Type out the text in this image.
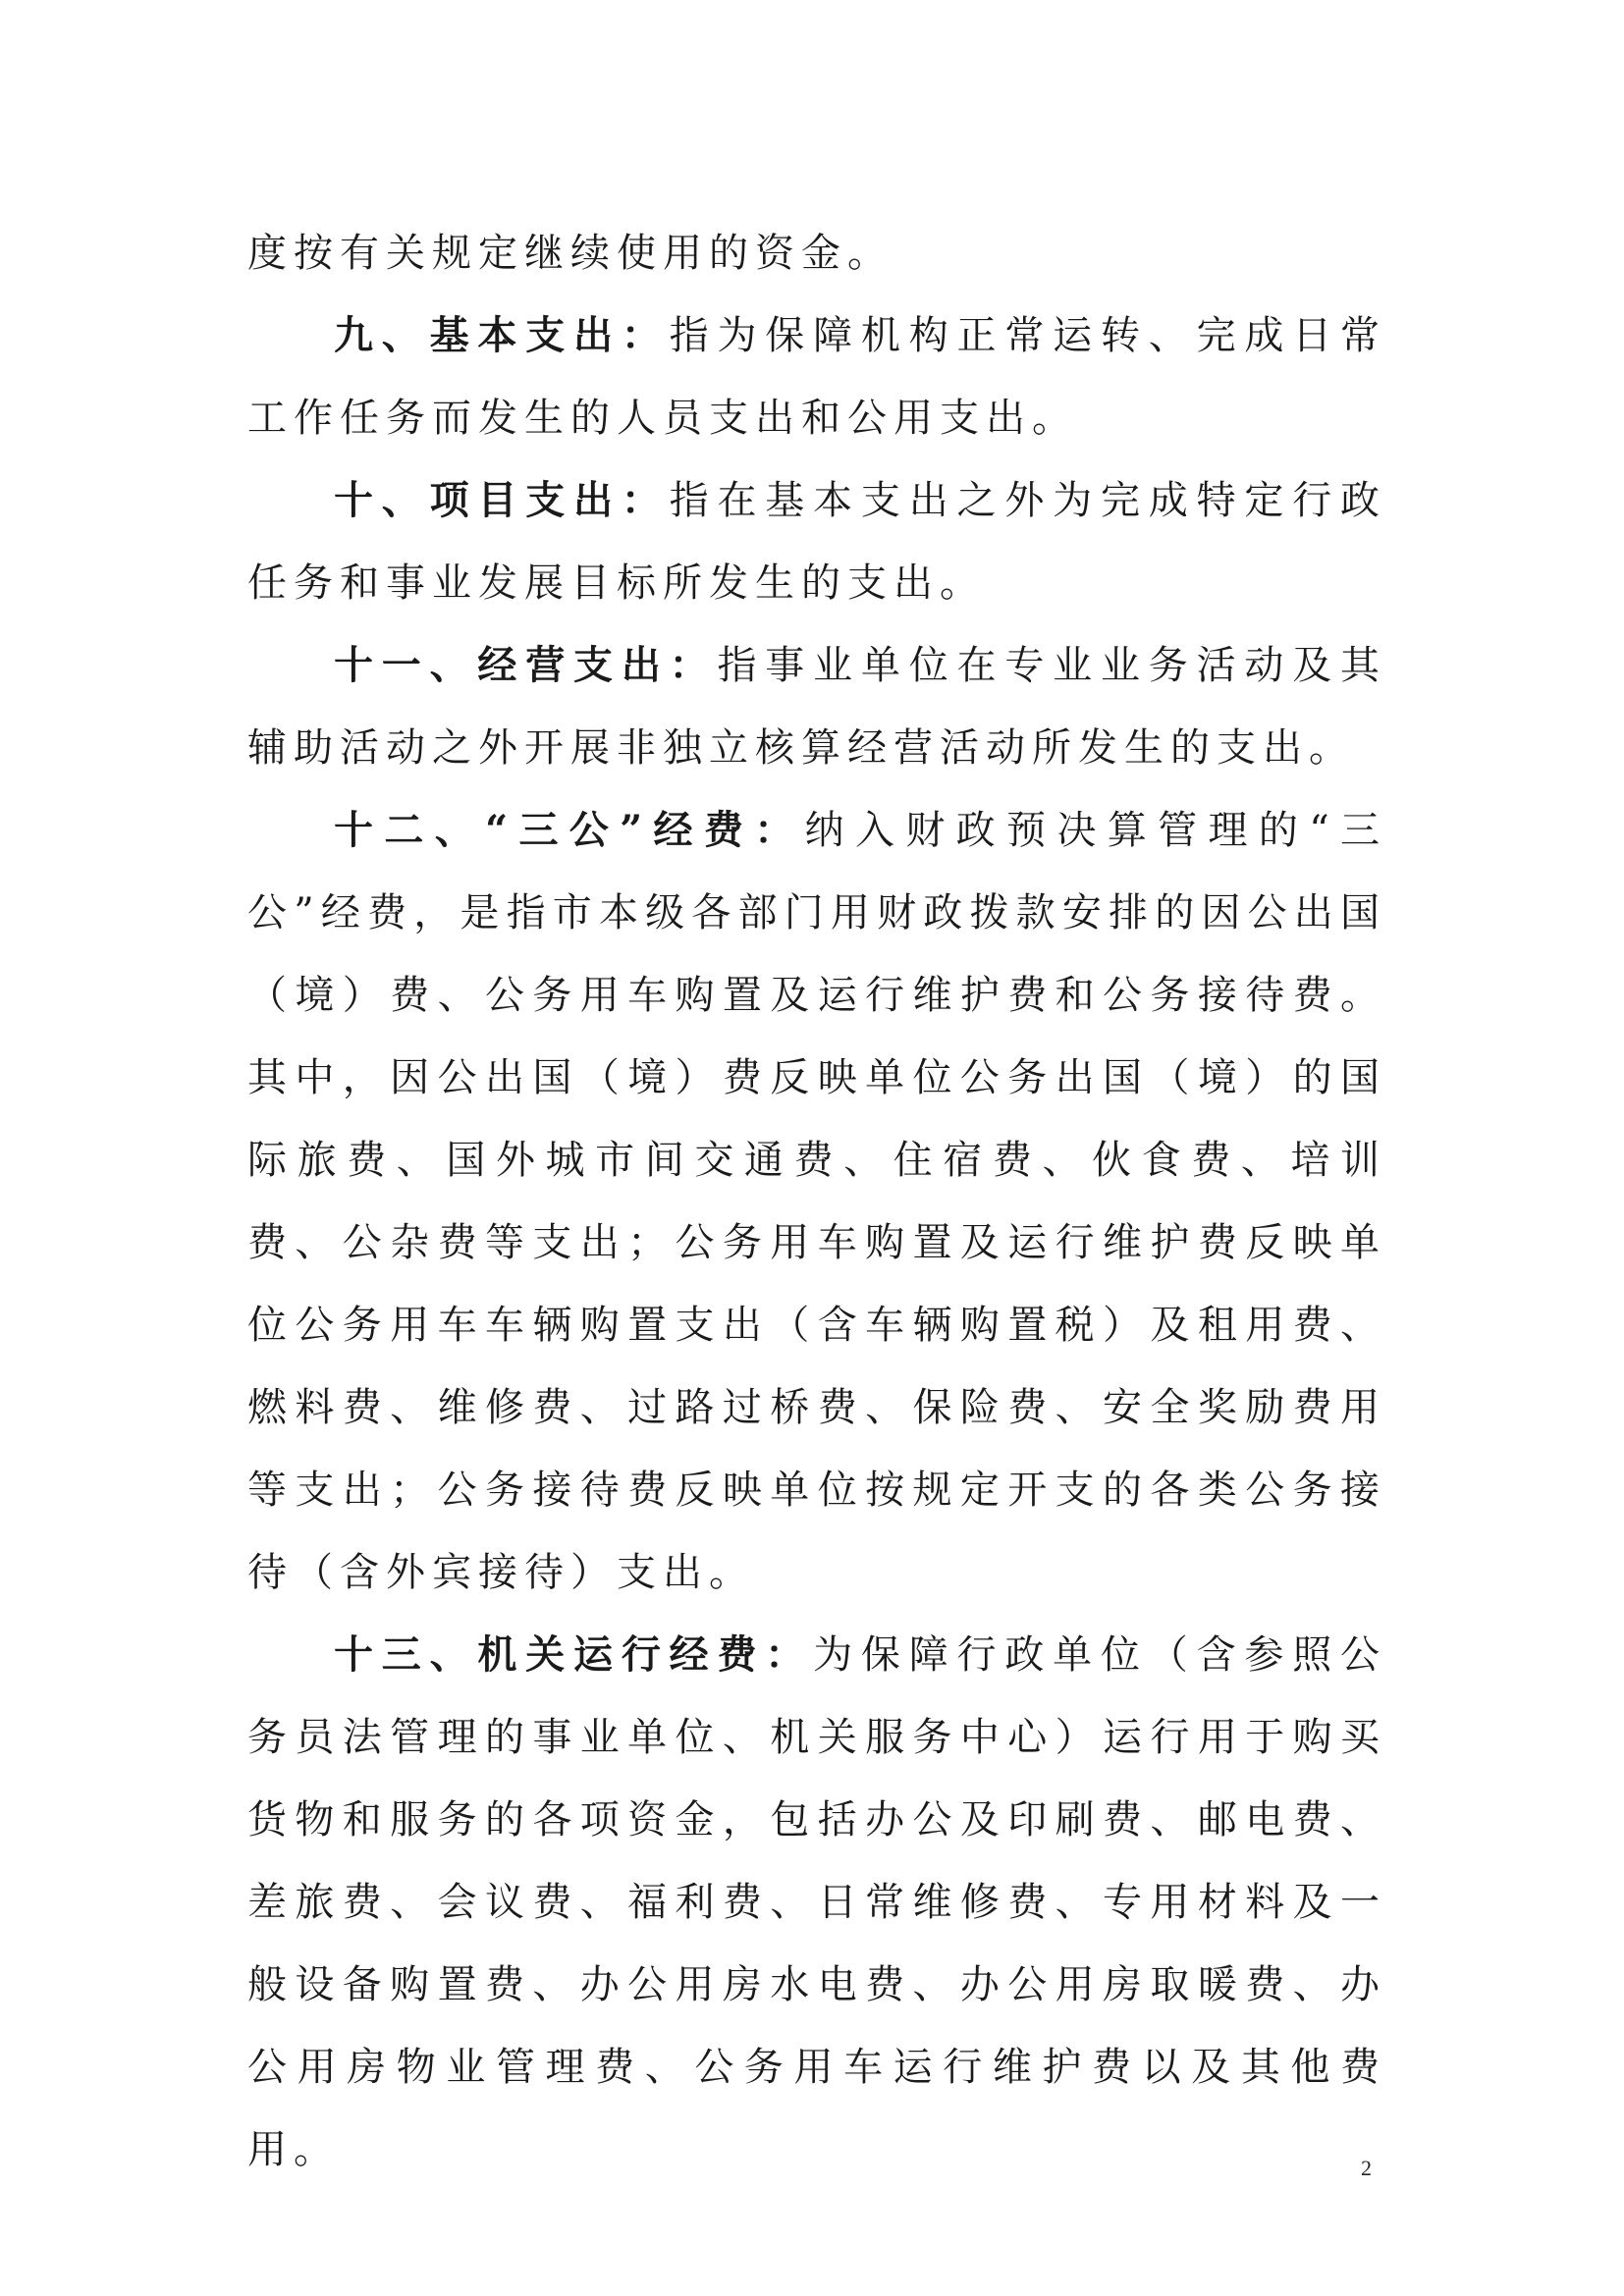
度按有关规定继续使用的资金。

九、基本支出：指为保障机构正常运转、完成日常工作任务而发生的人员支出和公用支出。

十、项目支出：指在基本支出之外为完成特定行政任务和事业发展目标所发生的支出。

十一、经营支出：指事业单位在专业业务活动及其辅助活动之外开展非独立核算经营活动所发生的支出。

十二、“三公”经费：纳入财政预决算管理的“三公”经费，是指市本级各部门用财政拨款安排的因公出国（境）费、公务用车购置及运行维护费和公务接待费。其中，因公出国（境）费反映单位公务出国（境）的国际旅费、国外城市间交通费、住宿费、伙食费、培训费、公杂费等支出；公务用车购置及运行维护费反映单位公务用车车辆购置支出（含车辆购置税）及租用费、燃料费、维修费、过路过桥费、保险费、安全奖励费用等支出；公务接待费反映单位按规定开支的各类公务接待（含外宾接待）支出。

十三、机关运行经费：为保障行政单位（含参照公务员法管理的事业单位、机关服务中心）运行用于购买货物和服务的各项资金，包括办公及印刷费、邮电费、差旅费、会议费、福利费、日常维修费、专用材料及一般设备购置费、办公用房水电费、办公用房取暖费、办公用房物业管理费、公务用车运行维护费以及其他费用。	2
